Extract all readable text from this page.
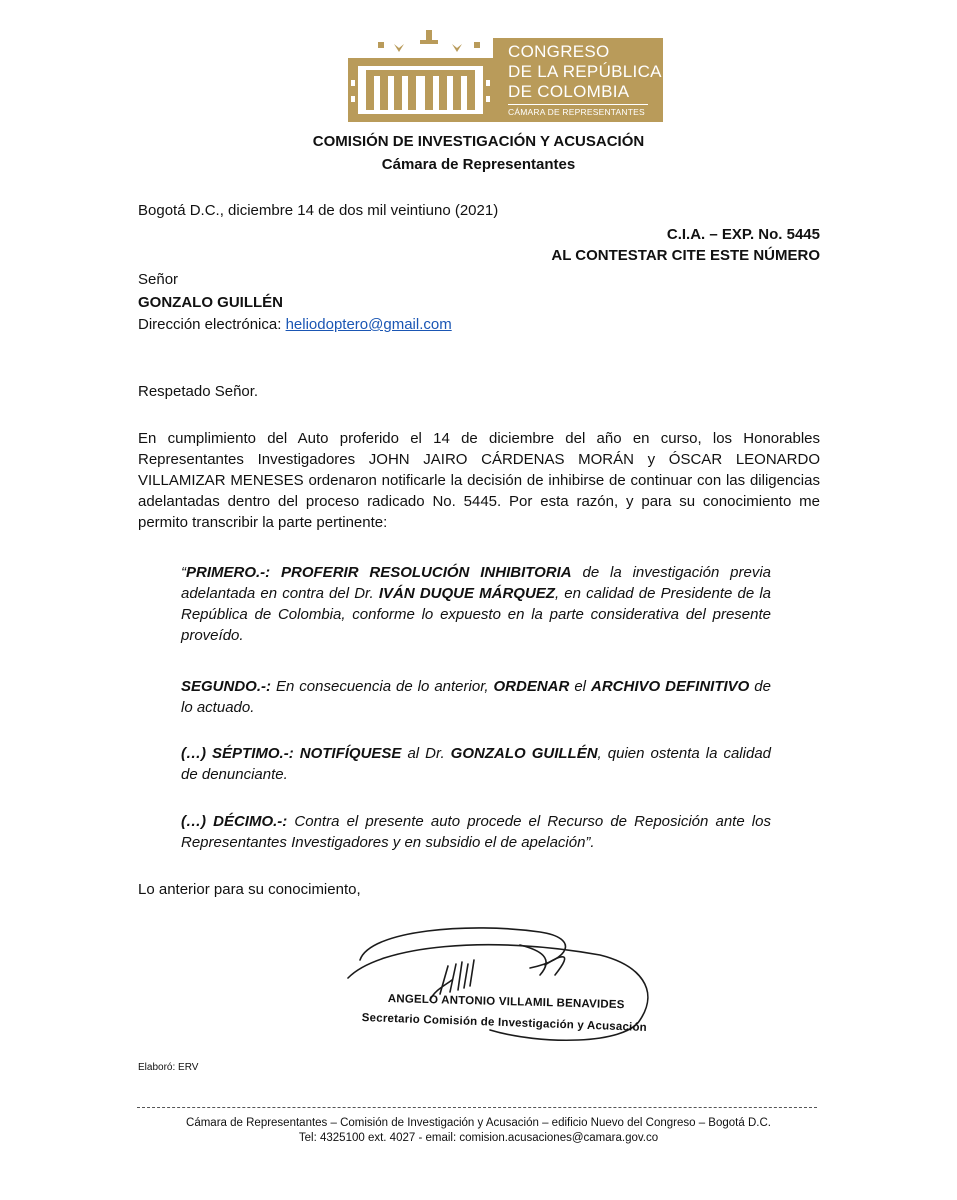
CONGRESO
DE LA REPÚBLICA
DE COLOMBIA
CÁMARA DE REPRESENTANTES
COMISIÓN DE INVESTIGACIÓN Y ACUSACIÓN
Cámara de Representantes
Bogotá D.C., diciembre 14 de dos mil veintiuno (2021)
C.I.A. – EXP. No. 5445
AL CONTESTAR CITE ESTE NÚMERO
Señor
GONZALO GUILLÉN
Dirección electrónica: heliodoptero@gmail.com
Respetado Señor.
En cumplimiento del Auto proferido el 14 de diciembre del año en curso, los Honorables Representantes Investigadores JOHN JAIRO CÁRDENAS MORÁN y ÓSCAR LEONARDO VILLAMIZAR MENESES ordenaron notificarle la decisión de inhibirse de continuar con las diligencias adelantadas dentro del proceso radicado No. 5445. Por esta razón, y para su conocimiento me permito transcribir la parte pertinente:
“PRIMERO.-: PROFERIR RESOLUCIÓN INHIBITORIA de la investigación previa adelantada en contra del Dr. IVÁN DUQUE MÁRQUEZ, en calidad de Presidente de la República de Colombia, conforme lo expuesto en la parte considerativa del presente proveído.
SEGUNDO.-: En consecuencia de lo anterior, ORDENAR el ARCHIVO DEFINITIVO de lo actuado.
(…) SÉPTIMO.-: NOTIFÍQUESE al Dr. GONZALO GUILLÉN, quien ostenta la calidad de denunciante.
(…) DÉCIMO.-: Contra el presente auto procede el Recurso de Reposición ante los Representantes Investigadores y en subsidio el de apelación”.
Lo anterior para su conocimiento,
ANGELO ANTONIO VILLAMIL BENAVIDES
Secretario Comisión de Investigación y Acusación
Elaboró: ERV
Cámara de Representantes – Comisión de Investigación y Acusación – edificio Nuevo del Congreso – Bogotá D.C.
Tel: 4325100 ext. 4027 - email: comision.acusaciones@camara.gov.co
